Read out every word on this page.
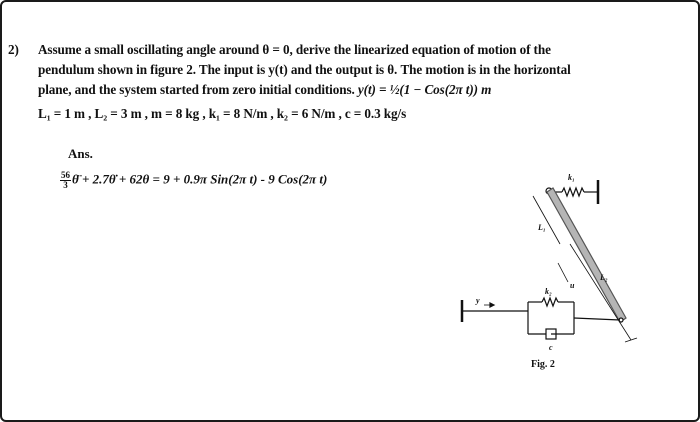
2) Assume a small oscillating angle around θ = 0, derive the linearized equation of motion of the
pendulum shown in figure 2. The input is y(t) and the output is θ. The motion is in the horizontal
plane, and the system started from zero initial conditions. y(t) = ½(1 − Cos(2π t)) m
L₁ = 1 m , L₂ = 3 m , m = 8 kg , k₁ = 8 N/m , k₂ = 6 N/m , c = 0.3 kg/s
Ans.
$\frac{56}{3}$ θ̈ + 2.7θ̇ + 62θ = 9 + 0.9π Sin(2π t) - 9 Cos(2π t)	k₁
L₁
L₂
u
y
k₂
c
Fig. 2
